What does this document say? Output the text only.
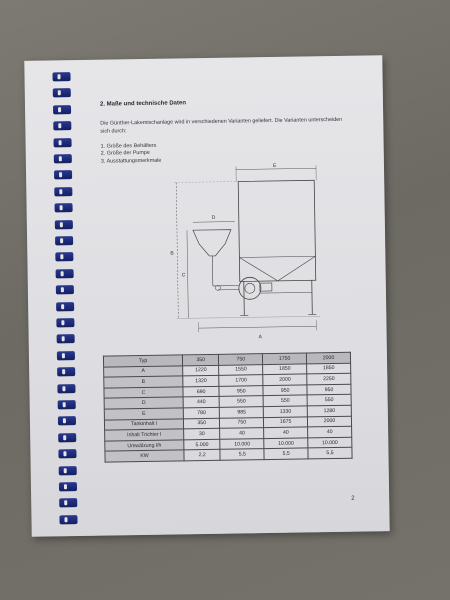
2. Maße und technische Daten
Die Günther-Lakemischanlage wird in verschiedenen Varianten geliefert. Die Varianten unterscheiden sich durch:
1. Größe des Behälters
2. Größe der Pumpe
3. Ausstattungsmerkmale
E
D
B
C
A
Typ	350	750	1750	2000
A	1220	1550	1850	1850
B	1320	1700	2000	2250
C	690	950	950	950
D	440	550	550	550
E	780	985	1330	1280
Tankinhalt l	350	750	1675	2000
Inhalt Trichter l	30	40	40	40
Umwälzung l/h	5.000	10.000	10.000	10.000
KW	2,2	5,5	5,5	5,5
2
